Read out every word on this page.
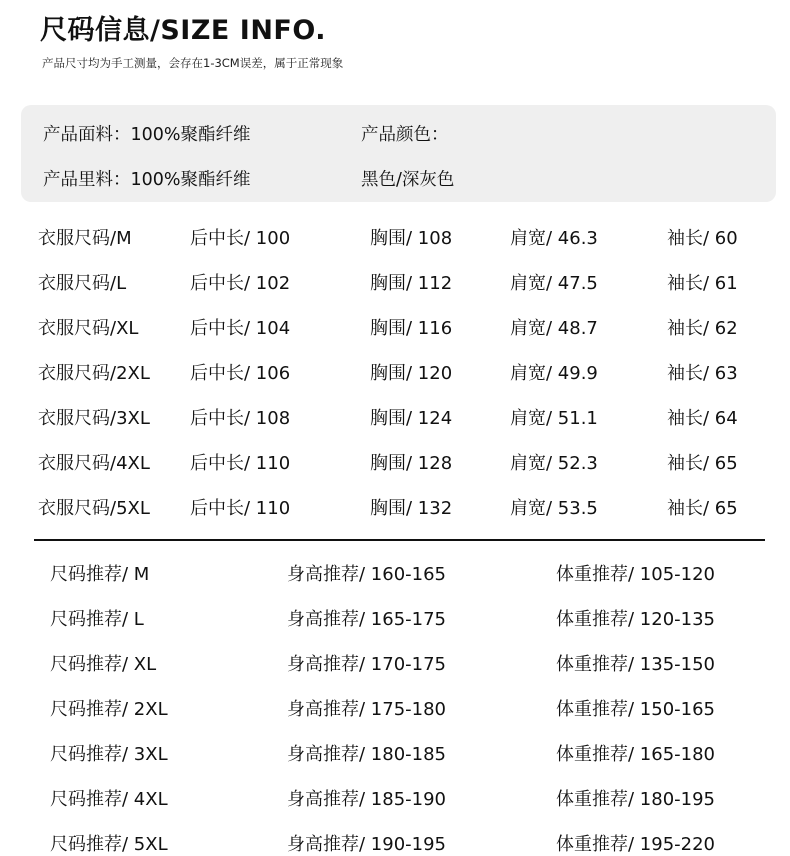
尺码信息/SIZE INFO.
产品尺寸均为手工测量，会存在1-3CM误差，属于正常现象
产品面料：100%聚酯纤维
产品里料：100%聚酯纤维
产品颜色：
黑色/深灰色
衣服尺码/M	后中长/ 100	胸围/ 108	肩宽/ 46.3	袖长/ 60
衣服尺码/L	后中长/ 102	胸围/ 112	肩宽/ 47.5	袖长/ 61
衣服尺码/XL	后中长/ 104	胸围/ 116	肩宽/ 48.7	袖长/ 62
衣服尺码/2XL 后中长/ 106	胸围/ 120	肩宽/ 49.9	袖长/ 63
衣服尺码/3XL 后中长/ 108	胸围/ 124	肩宽/ 51.1	袖长/ 64
衣服尺码/4XL 后中长/ 110	胸围/ 128	肩宽/ 52.3	袖长/ 65
衣服尺码/5XL 后中长/ 110	胸围/ 132	肩宽/ 53.5	袖长/ 65
尺码推荐/ M	身高推荐/ 160-165	体重推荐/ 105-120
尺码推荐/ L	身高推荐/ 165-175	体重推荐/ 120-135
尺码推荐/ XL	身高推荐/ 170-175	体重推荐/ 135-150
尺码推荐/ 2XL	身高推荐/ 175-180	体重推荐/ 150-165
尺码推荐/ 3XL	身高推荐/ 180-185	体重推荐/ 165-180
尺码推荐/ 4XL	身高推荐/ 185-190	体重推荐/ 180-195
尺码推荐/ 5XL	身高推荐/ 190-195	体重推荐/ 195-220
